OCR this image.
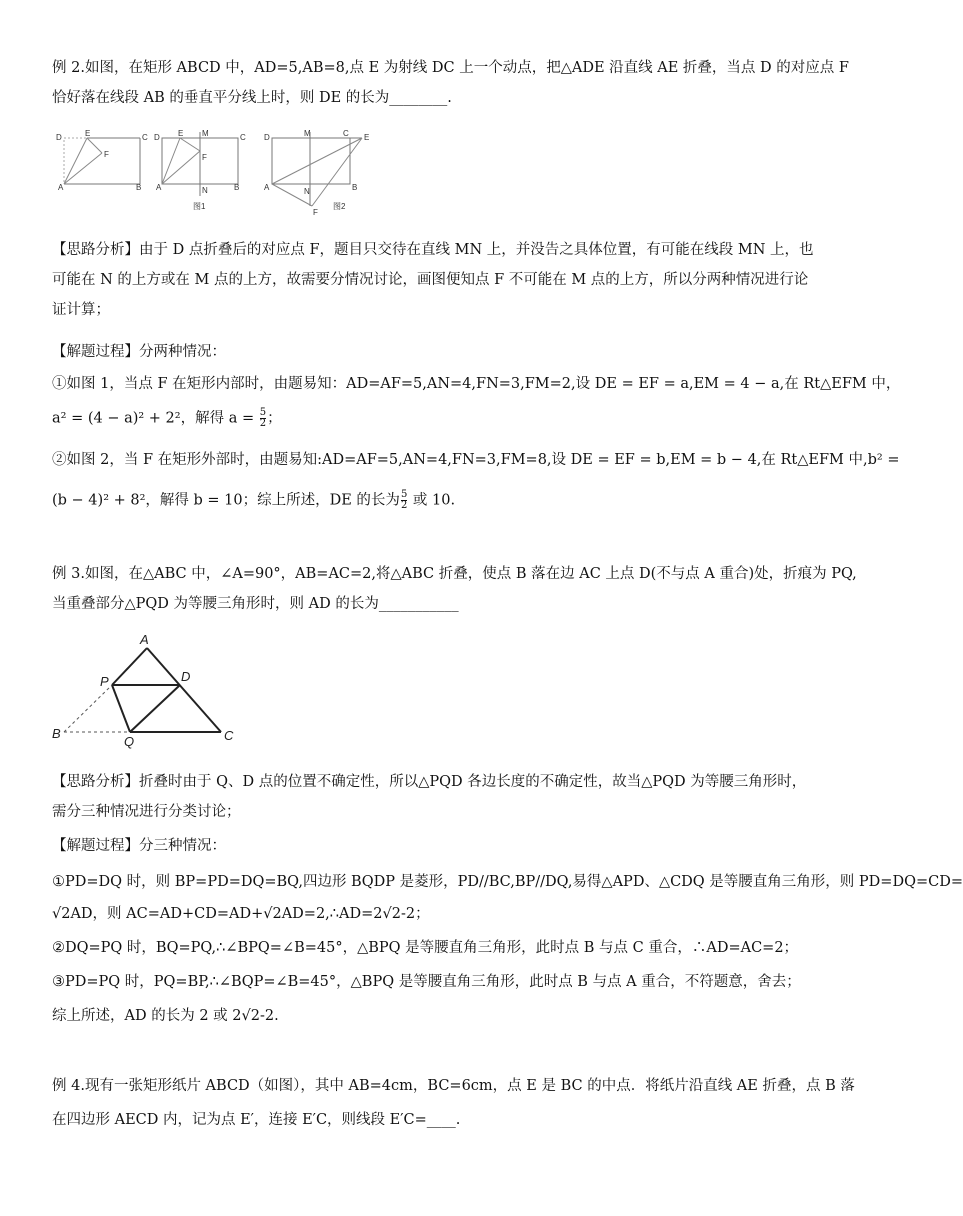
例 2.如图，在矩形 ABCD 中，AD=5,AB=8,点 E 为射线 DC 上一个动点，把△ADE 沿直线 AE 折叠，当点 D 的对应点 F
恰好落在线段 AB 的垂直平分线上时，则 DE 的长为________.
D	E	C
F
A	B
D E M	C
F
A	N	B
图1
D	M	C E
A	N	B
F
图2
【思路分析】由于 D 点折叠后的对应点 F，题目只交待在直线 MN 上，并没告之具体位置，有可能在线段 MN 上，也
可能在 N 的上方或在 M 点的上方，故需要分情况讨论，画图便知点 F 不可能在 M 点的上方，所以分两种情况进行论
证计算；
【解题过程】分两种情况：
①如图 1，当点 F 在矩形内部时，由题易知：AD=AF=5,AN=4,FN=3,FM=2,设 DE = EF = a,EM = 4 − a,在 Rt△EFM 中，
a² = (4 − a)² + 2²，解得 $a = \frac{5}{2}$ ；
②如图 2，当 F 在矩形外部时，由题易知:AD=AF=5,AN=4,FN=3,FM=8,设 DE = EF = b,EM = b − 4,在 Rt△EFM 中,b² =
(b − 4)² + 8²，解得 b = 10；综上所述，DE 的长为 $\frac{5}{2}$ 或 10.
例 3.如图，在△ABC 中，∠A=90°，AB=AC=2,将△ABC 折叠，使点 B 落在边 AC 上点 D(不与点 A 重合)处，折痕为 PQ,
当重叠部分△PQD 为等腰三角形时，则 AD 的长为___________
A
P	D
B
Q	C
【思路分析】折叠时由于 Q、D 点的位置不确定性，所以△PQD 各边长度的不确定性，故当△PQD 为等腰三角形时，
需分三种情况进行分类讨论；
【解题过程】分三种情况：
①PD=DQ 时，则 BP=PD=DQ=BQ,四边形 BQDP 是菱形，PD//BC,BP//DQ,易得△APD、△CDQ 是等腰直角三角形，则 PD=DQ=CD=
√2AD，则 AC=AD+CD=AD+√2AD=2,∴AD=2√2-2；
②DQ=PQ 时，BQ=PQ,∴∠BPQ=∠B=45°，△BPQ 是等腰直角三角形，此时点 B 与点 C 重合，∴AD=AC=2；
③PD=PQ 时，PQ=BP,∴∠BQP=∠B=45°，△BPQ 是等腰直角三角形，此时点 B 与点 A 重合，不符题意，舍去；
综上所述，AD 的长为 2 或 2√2-2.
例 4.现有一张矩形纸片 ABCD（如图），其中 AB=4cm，BC=6cm，点 E 是 BC 的中点．将纸片沿直线 AE 折叠，点 B 落
在四边形 AECD 内，记为点 E′，连接 E′C，则线段 E′C=____.
